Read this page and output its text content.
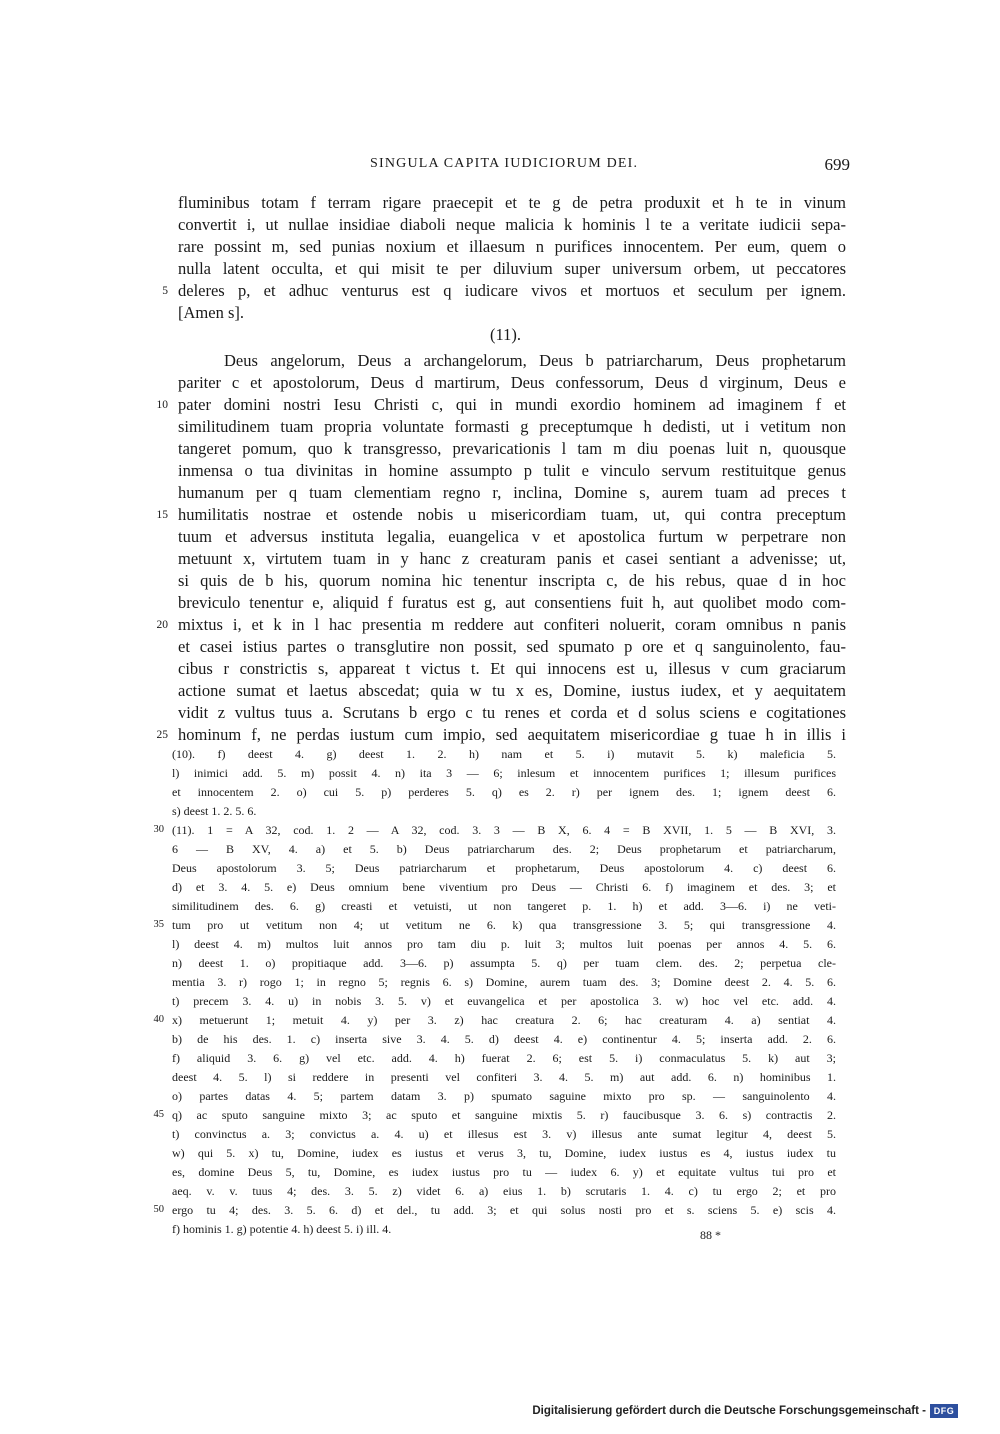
SINGULA CAPITA IUDICIORUM DEI.	699
fluminibus totam f terram rigare praecepit et te g de petra produxit et h te in vinum
convertit i, ut nullae insidiae diaboli neque malicia k hominis l te a veritate iudicii sepa-
rare possint m, sed punias noxium et illaesum n purifices innocentem. Per eum, quem o
nulla latent occulta, et qui misit te per diluvium super universum orbem, ut peccatores
deleres p, et adhuc venturus est q iudicare vivos et mortuos et seculum per ignem.
[Amen s].
(11).
Deus angelorum, Deus a archangelorum, Deus b patriarcharum, Deus prophetarum
pariter c et apostolorum, Deus d martirum, Deus confessorum, Deus d virginum, Deus e
pater domini nostri Iesu Christi c, qui in mundi exordio hominem ad imaginem f et
similitudinem tuam propria voluntate formasti g preceptumque h dedisti, ut i vetitum non
tangeret pomum, quo k transgresso, prevaricationis l tam m diu poenas luit n, quousque
inmensa o tua divinitas in homine assumpto p tulit e vinculo servum restituitque genus
humanum per q tuam clementiam regno r, inclina, Domine s, aurem tuam ad preces t
humilitatis nostrae et ostende nobis u misericordiam tuam, ut, qui contra preceptum
tuum et adversus instituta legalia, euangelica v et apostolica furtum w perpetrare non
metuunt x, virtutem tuam in y hanc z creaturam panis et casei sentiant a advenisse; ut,
si quis de b his, quorum nomina hic tenentur inscripta c, de his rebus, quae d in hoc
breviculo tenentur e, aliquid f furatus est g, aut consentiens fuit h, aut quolibet modo com-
mixtus i, et k in l hac presentia m reddere aut confiteri noluerit, coram omnibus n panis
et casei istius partes o transglutire non possit, sed spumato p ore et q sanguinolento, fau-
cibus r constrictis s, appareat t victus t. Et qui innocens est u, illesus v cum graciarum
actione sumat et laetus abscedat; quia w tu x es, Domine, iustus iudex, et y aequitatem
vidit z vultus tuus a. Scrutans b ergo c tu renes et corda et d solus sciens e cogitationes
hominum f, ne perdas iustum cum impio, sed aequitatem misericordiae g tuae h in illis i
5
10
15
20
25
(10). f) deest 4. g) deest 1. 2. h) nam et 5. i) mutavit 5. k) maleficia 5.
l) inimici add. 5. m) possit 4. n) ita 3 — 6; inlesum et innocentem purifices 1; illesum purifices
et innocentem 2. o) cui 5. p) perderes 5. q) es 2. r) per ignem des. 1; ignem deest 6.
s) deest 1. 2. 5. 6.
(11). 1 = A 32, cod. 1. 2 — A 32, cod. 3. 3 — B X, 6. 4 = B XVII, 1. 5 — B XVI, 3.
6 — B XV, 4. a) et 5. b) Deus patriarcharum des. 2; Deus prophetarum et patriarcharum,
Deus apostolorum 3. 5; Deus patriarcharum et prophetarum, Deus apostolorum 4. c) deest 6.
d) et 3. 4. 5. e) Deus omnium bene viventium pro Deus — Christi 6. f) imaginem et des. 3; et
similitudinem des. 6. g) creasti et vetuisti, ut non tangeret p. 1. h) et add. 3—6. i) ne veti-
tum pro ut vetitum non 4; ut vetitum ne 6. k) qua transgressione 3. 5; qui transgressione 4.
l) deest 4. m) multos luit annos pro tam diu p. luit 3; multos luit poenas per annos 4. 5. 6.
n) deest 1. o) propitiaque add. 3—6. p) assumpta 5. q) per tuam clem. des. 2; perpetua cle-
mentia 3. r) rogo 1; in regno 5; regnis 6. s) Domine, aurem tuam des. 3; Domine deest 2. 4. 5. 6.
t) precem 3. 4. u) in nobis 3. 5. v) et euvangelica et per apostolica 3. w) hoc vel etc. add. 4.
x) metuerunt 1; metuit 4. y) per 3. z) hac creatura 2. 6; hac creaturam 4. a) sentiat 4.
b) de his des. 1. c) inserta sive 3. 4. 5. d) deest 4. e) continentur 4. 5; inserta add. 2. 6.
f) aliquid 3. 6. g) vel etc. add. 4. h) fuerat 2. 6; est 5. i) conmaculatus 5. k) aut 3;
deest 4. 5. l) si reddere in presenti vel confiteri 3. 4. 5. m) aut add. 6. n) hominibus 1.
o) partes datas 4. 5; partem datam 3. p) spumato saguine mixto pro sp. — sanguinolento 4.
q) ac sputo sanguine mixto 3; ac sputo et sanguine mixtis 5. r) faucibusque 3. 6. s) contractis 2.
t) convinctus a. 3; convictus a. 4. u) et illesus est 3. v) illesus ante sumat legitur 4, deest 5.
w) qui 5. x) tu, Domine, iudex es iustus et verus 3, tu, Domine, iudex iustus es 4, iustus iudex tu
es, domine Deus 5, tu, Domine, es iudex iustus pro tu — iudex 6. y) et equitate vultus tui pro et
aeq. v. v. tuus 4; des. 3. 5. z) videt 6. a) eius 1. b) scrutaris 1. 4. c) tu ergo 2; et pro
ergo tu 4; des. 3. 5. 6. d) et del., tu add. 3; et qui solus nosti pro et s. sciens 5. e) scis 4.
f) hominis 1. g) potentie 4. h) deest 5. i) ill. 4.
30
35
40
45
50
88 *
Digitalisierung gefördert durch die Deutsche Forschungsgemeinschaft - DFG
